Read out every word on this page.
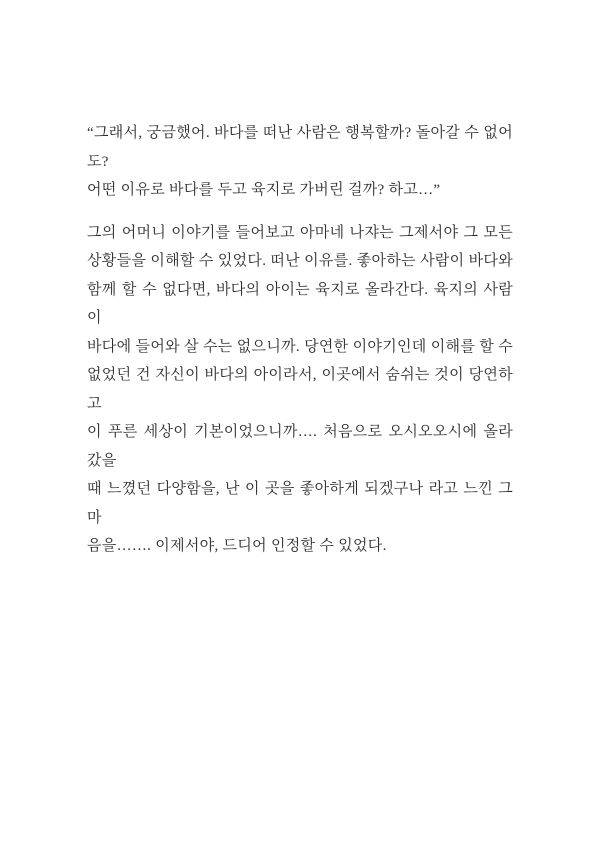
“그래서, 궁금했어. 바다를 떠난 사람은 행복할까? 돌아갈 수 없어도?
어떤 이유로 바다를 두고 육지로 가버린 걸까? 하고…”
그의 어머니 이야기를 들어보고 아마네 나쟈는 그제서야 그 모든
상황들을 이해할 수 있었다. 떠난 이유를. 좋아하는 사람이 바다와
함께 할 수 없다면, 바다의 아이는 육지로 올라간다. 육지의 사람이
바다에 들어와 살 수는 없으니까. 당연한 이야기인데 이해를 할 수
없었던 건 자신이 바다의 아이라서, 이곳에서 숨쉬는 것이 당연하고
이 푸른 세상이 기본이었으니까…. 처음으로 오시오오시에 올라갔을
때 느꼈던 다양함을, 난 이 곳을 좋아하게 되겠구나 라고 느낀 그 마
음을……. 이제서야, 드디어 인정할 수 있었다.
